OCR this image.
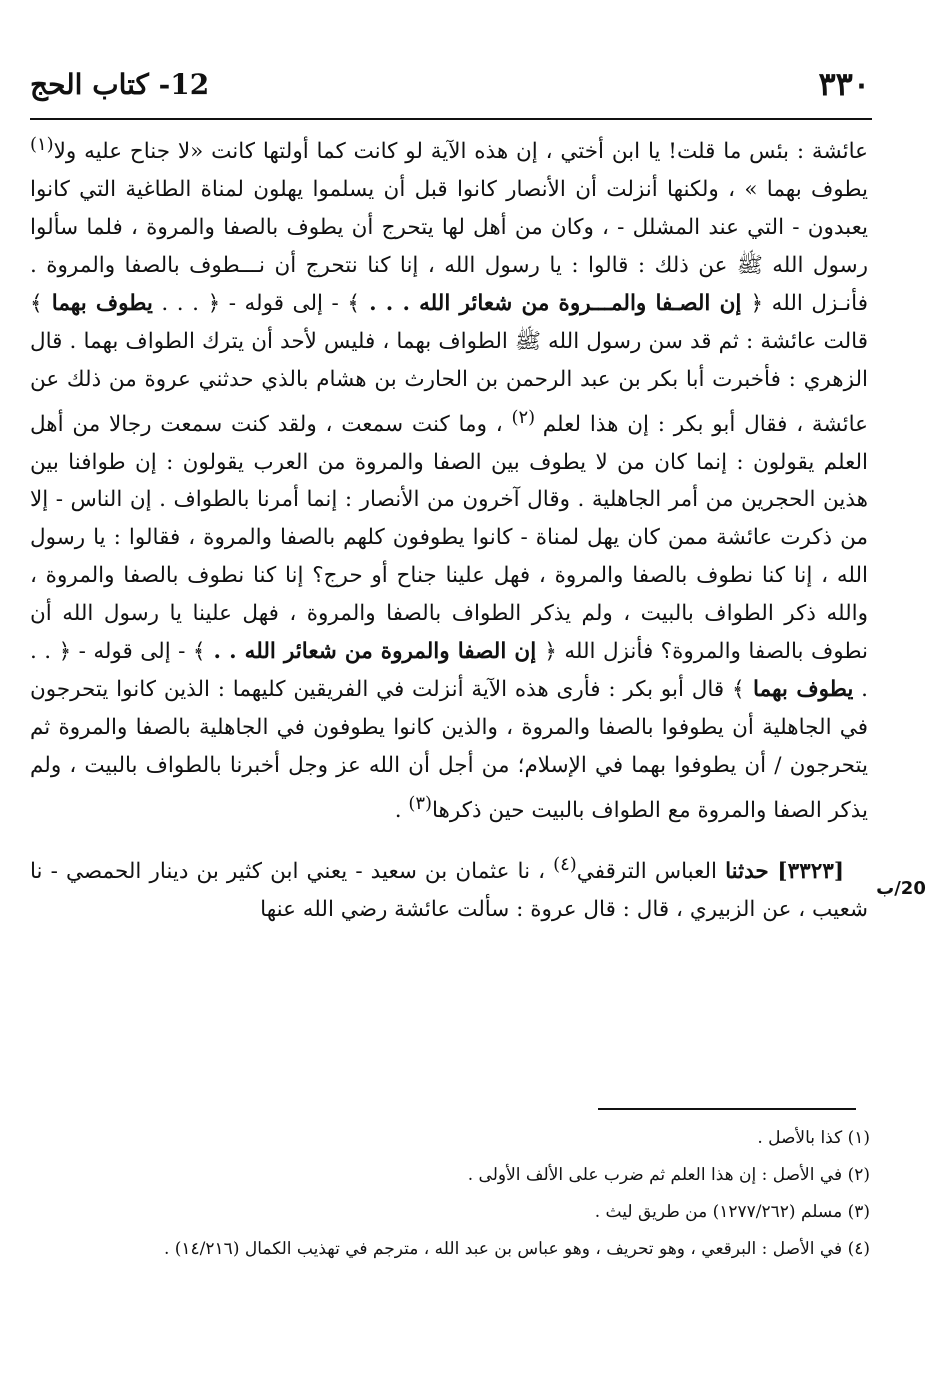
٣٣٠
12- كتاب الحج

عائشة : بئس ما قلت! يا ابن أختي ، إن هذه الآية لو كانت كما أولتها كانت «لا جناح عليه ولا$^{(١)}$ يطوف بهما » ، ولكنها أنزلت أن الأنصار كانوا قبل أن يسلموا يهلون لمناة الطاغية التي كانوا يعبدون - التي عند المشلل - ، وكان من أهل لها يتحرج أن يطوف بالصفا والمروة ، فلما سألوا رسول الله ﷺ عن ذلك : قالوا : يا رسول الله ، إنا كنا نتحرج أن نـــطوف بالصفا والمروة . فأنـزل الله ﴿ إن الصـفا والمـــروة من شعائر الله . . . ﴾ - إلى قوله - ﴿ . . . يطوف بهما ﴾ قالت عائشة : ثم قد سن رسول الله ﷺ الطواف بهما ، فليس لأحد أن يترك الطواف بهما . قال الزهري : فأخبرت أبا بكر بن عبد الرحمن بن الحارث بن هشام بالذي حدثني عروة من ذلك عن عائشة ، فقال أبو بكر : إن هذا لعلم $^{(٢)}$ ، وما كنت سمعت ، ولقد كنت سمعت رجالا من أهل العلم يقولون : إنما كان من لا يطوف بين الصفا والمروة من العرب يقولون : إن طوافنا بين هذين الحجرين من أمر الجاهلية . وقال آخرون من الأنصار : إنما أمرنا بالطواف . إن الناس - إلا من ذكرت عائشة ممن كان يهل لمناة - كانوا يطوفون كلهم بالصفا والمروة ، فقالوا : يا رسول الله ، إنا كنا نطوف بالصفا والمروة ، فهل علينا جناح أو حرج؟ إنا كنا نطوف بالصفا والمروة ، والله ذكر الطواف بالبيت ، ولم يذكر الطواف بالصفا والمروة ، فهل علينا يا رسول الله أن نطوف بالصفا والمروة؟ فأنزل الله ﴿ إن الصفا والمروة من شعائر الله . . ﴾ - إلى قوله - ﴿ . . . يطوف بهما ﴾ قال أبو بكر : فأرى هذه الآية أنزلت في الفريقين كليهما : الذين كانوا يتحرجون في الجاهلية أن يطوفوا بالصفا والمروة ، والذين كانوا يطوفون في الجاهلية بالصفا والمروة ثم يتحرجون / أن يطوفوا بهما في الإسلام؛ من أجل أن الله عز وجل أخبرنا بالطواف بالبيت ، ولم يذكر الصفا والمروة مع الطواف بالبيت حين ذكرها$^{(٣)}$ .

[٣٣٢٣] حدثنا العباس الترقفي$^{(٤)}$ ، نا عثمان بن سعيد - يعني ابن كثير بن دينار الحمصي - نا شعيب ، عن الزبيري ، قال : قال عروة : سألت عائشة رضي الله عنها

20/ب
(١) كذا بالأصل .
(٢) في الأصل : إن هذا العلم ثم ضرب على الألف الأولى .
(٣) مسلم (١٢٧٧/٢٦٢) من طريق ليث .
(٤) في الأصل : البرقعي ، وهو تحريف ، وهو عباس بن عبد الله ، مترجم في تهذيب الكمال (١٤/٢١٦) .
